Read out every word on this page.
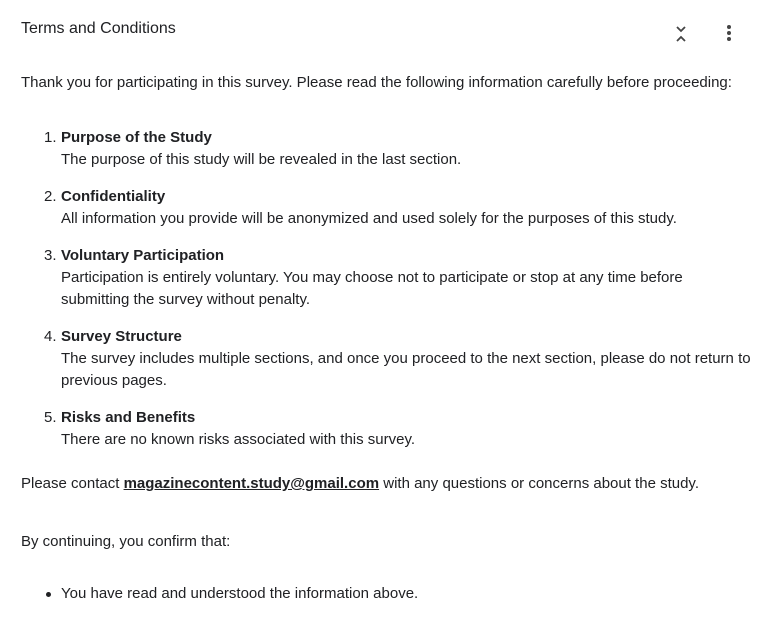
Terms and Conditions

Thank you for participating in this survey. Please read the following information carefully before proceeding:

1. Purpose of the Study
The purpose of this study will be revealed in the last section.
2. Confidentiality
All information you provide will be anonymized and used solely for the purposes of this study.
3. Voluntary Participation
Participation is entirely voluntary. You may choose not to participate or stop at any time before submitting the survey without penalty.
4. Survey Structure
The survey includes multiple sections, and once you proceed to the next section, please do not return to previous pages.
5. Risks and Benefits
There are no known risks associated with this survey.

Please contact magazinecontent.study@gmail.com with any questions or concerns about the study.

By continuing, you confirm that:

You have read and understood the information above.
